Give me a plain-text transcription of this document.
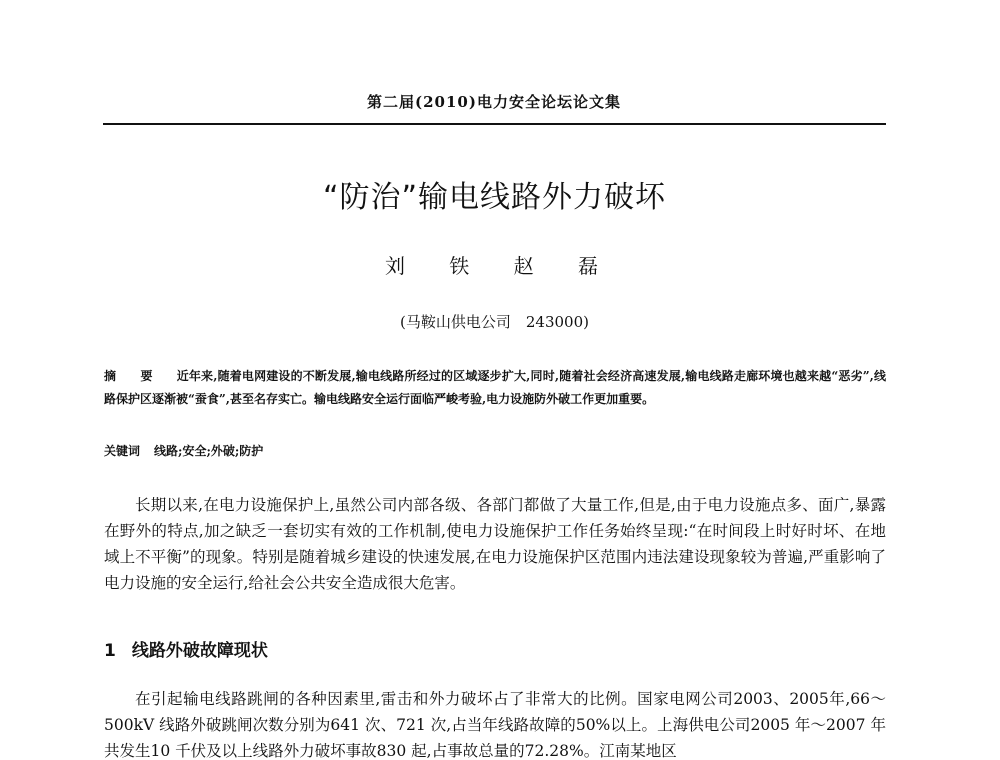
第二届(2010)电力安全论坛论文集
“防治”输电线路外力破坏
刘 铁 赵 磊
(马鞍山供电公司　243000)
摘 要 近年来,随着电网建设的不断发展,输电线路所经过的区域逐步扩大,同时,随着社会经济高速发展,输电线路走廊环境也越来越“恶劣”,线路保护区逐渐被“蚕食”,甚至名存实亡。输电线路安全运行面临严峻考验,电力设施防外破工作更加重要。
关键词 线路;安全;外破;防护
长期以来,在电力设施保护上,虽然公司内部各级、各部门都做了大量工作,但是,由于电力设施点多、面广,暴露在野外的特点,加之缺乏一套切实有效的工作机制,使电力设施保护工作任务始终呈现:“在时间段上时好时坏、在地域上不平衡”的现象。特别是随着城乡建设的快速发展,在电力设施保护区范围内违法建设现象较为普遍,严重影响了电力设施的安全运行,给社会公共安全造成很大危害。
1 线路外破故障现状
在引起输电线路跳闸的各种因素里,雷击和外力破坏占了非常大的比例。国家电网公司2003、2005年,66～500kV 线路外破跳闸次数分别为641 次、721 次,占当年线路故障的50%以上。上海供电公司2005 年～2007 年共发生10 千伏及以上线路外力破坏事故830 起,占事故总量的72.28%。江南某地区
